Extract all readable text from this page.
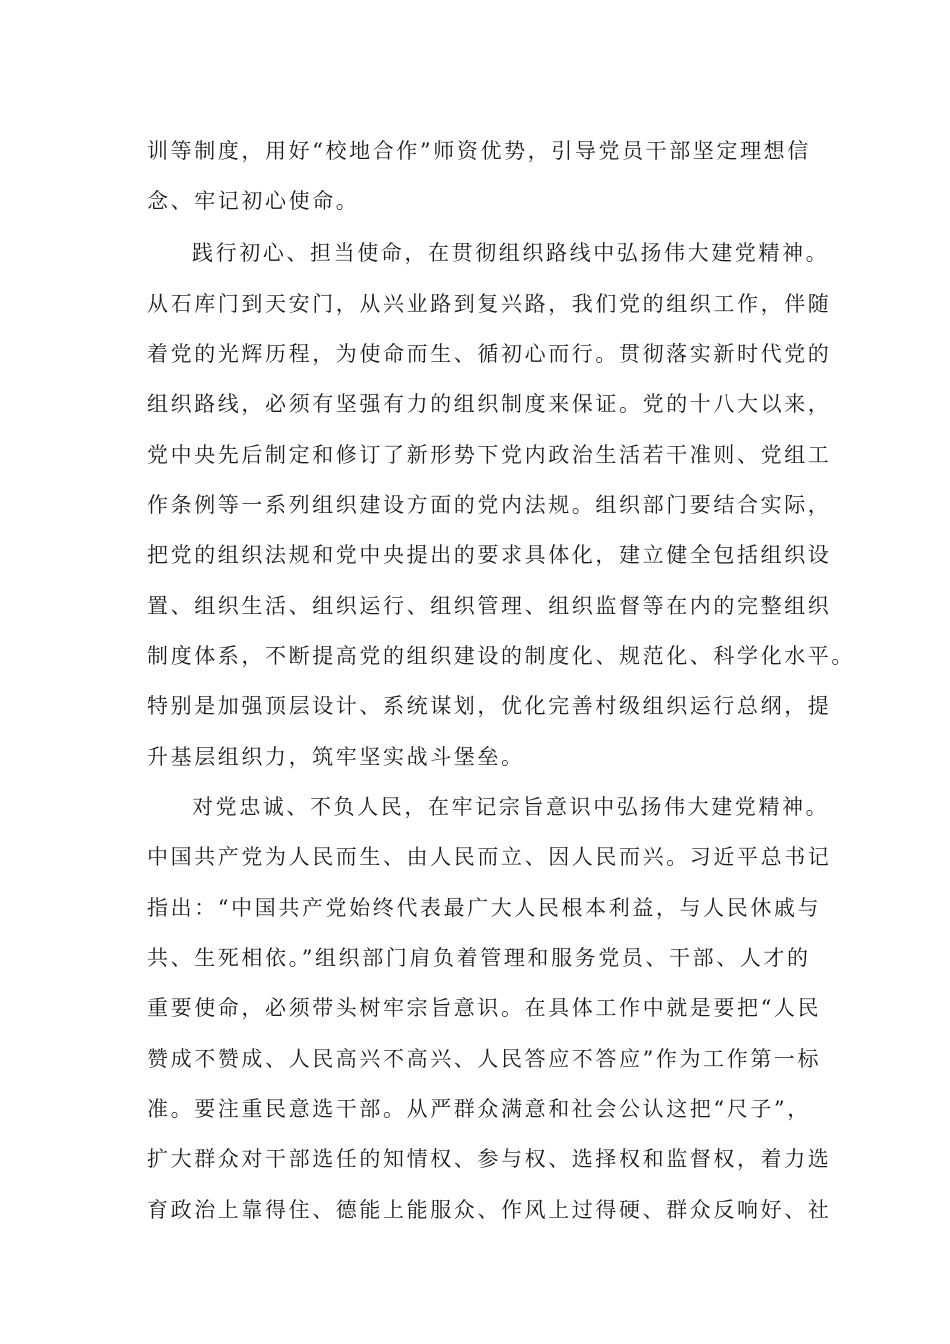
训等制度，用好“校地合作”师资优势，引导党员干部坚定理想信
念、牢记初心使命。
践行初心、担当使命，在贯彻组织路线中弘扬伟大建党精神。
从石库门到天安门，从兴业路到复兴路，我们党的组织工作，伴随
着党的光辉历程，为使命而生、循初心而行。贯彻落实新时代党的
组织路线，必须有坚强有力的组织制度来保证。党的十八大以来，
党中央先后制定和修订了新形势下党内政治生活若干准则、党组工
作条例等一系列组织建设方面的党内法规。组织部门要结合实际，
把党的组织法规和党中央提出的要求具体化，建立健全包括组织设
置、组织生活、组织运行、组织管理、组织监督等在内的完整组织
制度体系，不断提高党的组织建设的制度化、规范化、科学化水平。
特别是加强顶层设计、系统谋划，优化完善村级组织运行总纲，提
升基层组织力，筑牢坚实战斗堡垒。
对党忠诚、不负人民，在牢记宗旨意识中弘扬伟大建党精神。
中国共产党为人民而生、由人民而立、因人民而兴。习近平总书记
指出：“中国共产党始终代表最广大人民根本利益，与人民休戚与
共、生死相依。”组织部门肩负着管理和服务党员、干部、人才的
重要使命，必须带头树牢宗旨意识。在具体工作中就是要把“人民
赞成不赞成、人民高兴不高兴、人民答应不答应”作为工作第一标
准。要注重民意选干部。从严群众满意和社会公认这把“尺子”，
扩大群众对干部选任的知情权、参与权、选择权和监督权，着力选
育政治上靠得住、德能上能服众、作风上过得硬、群众反响好、社
